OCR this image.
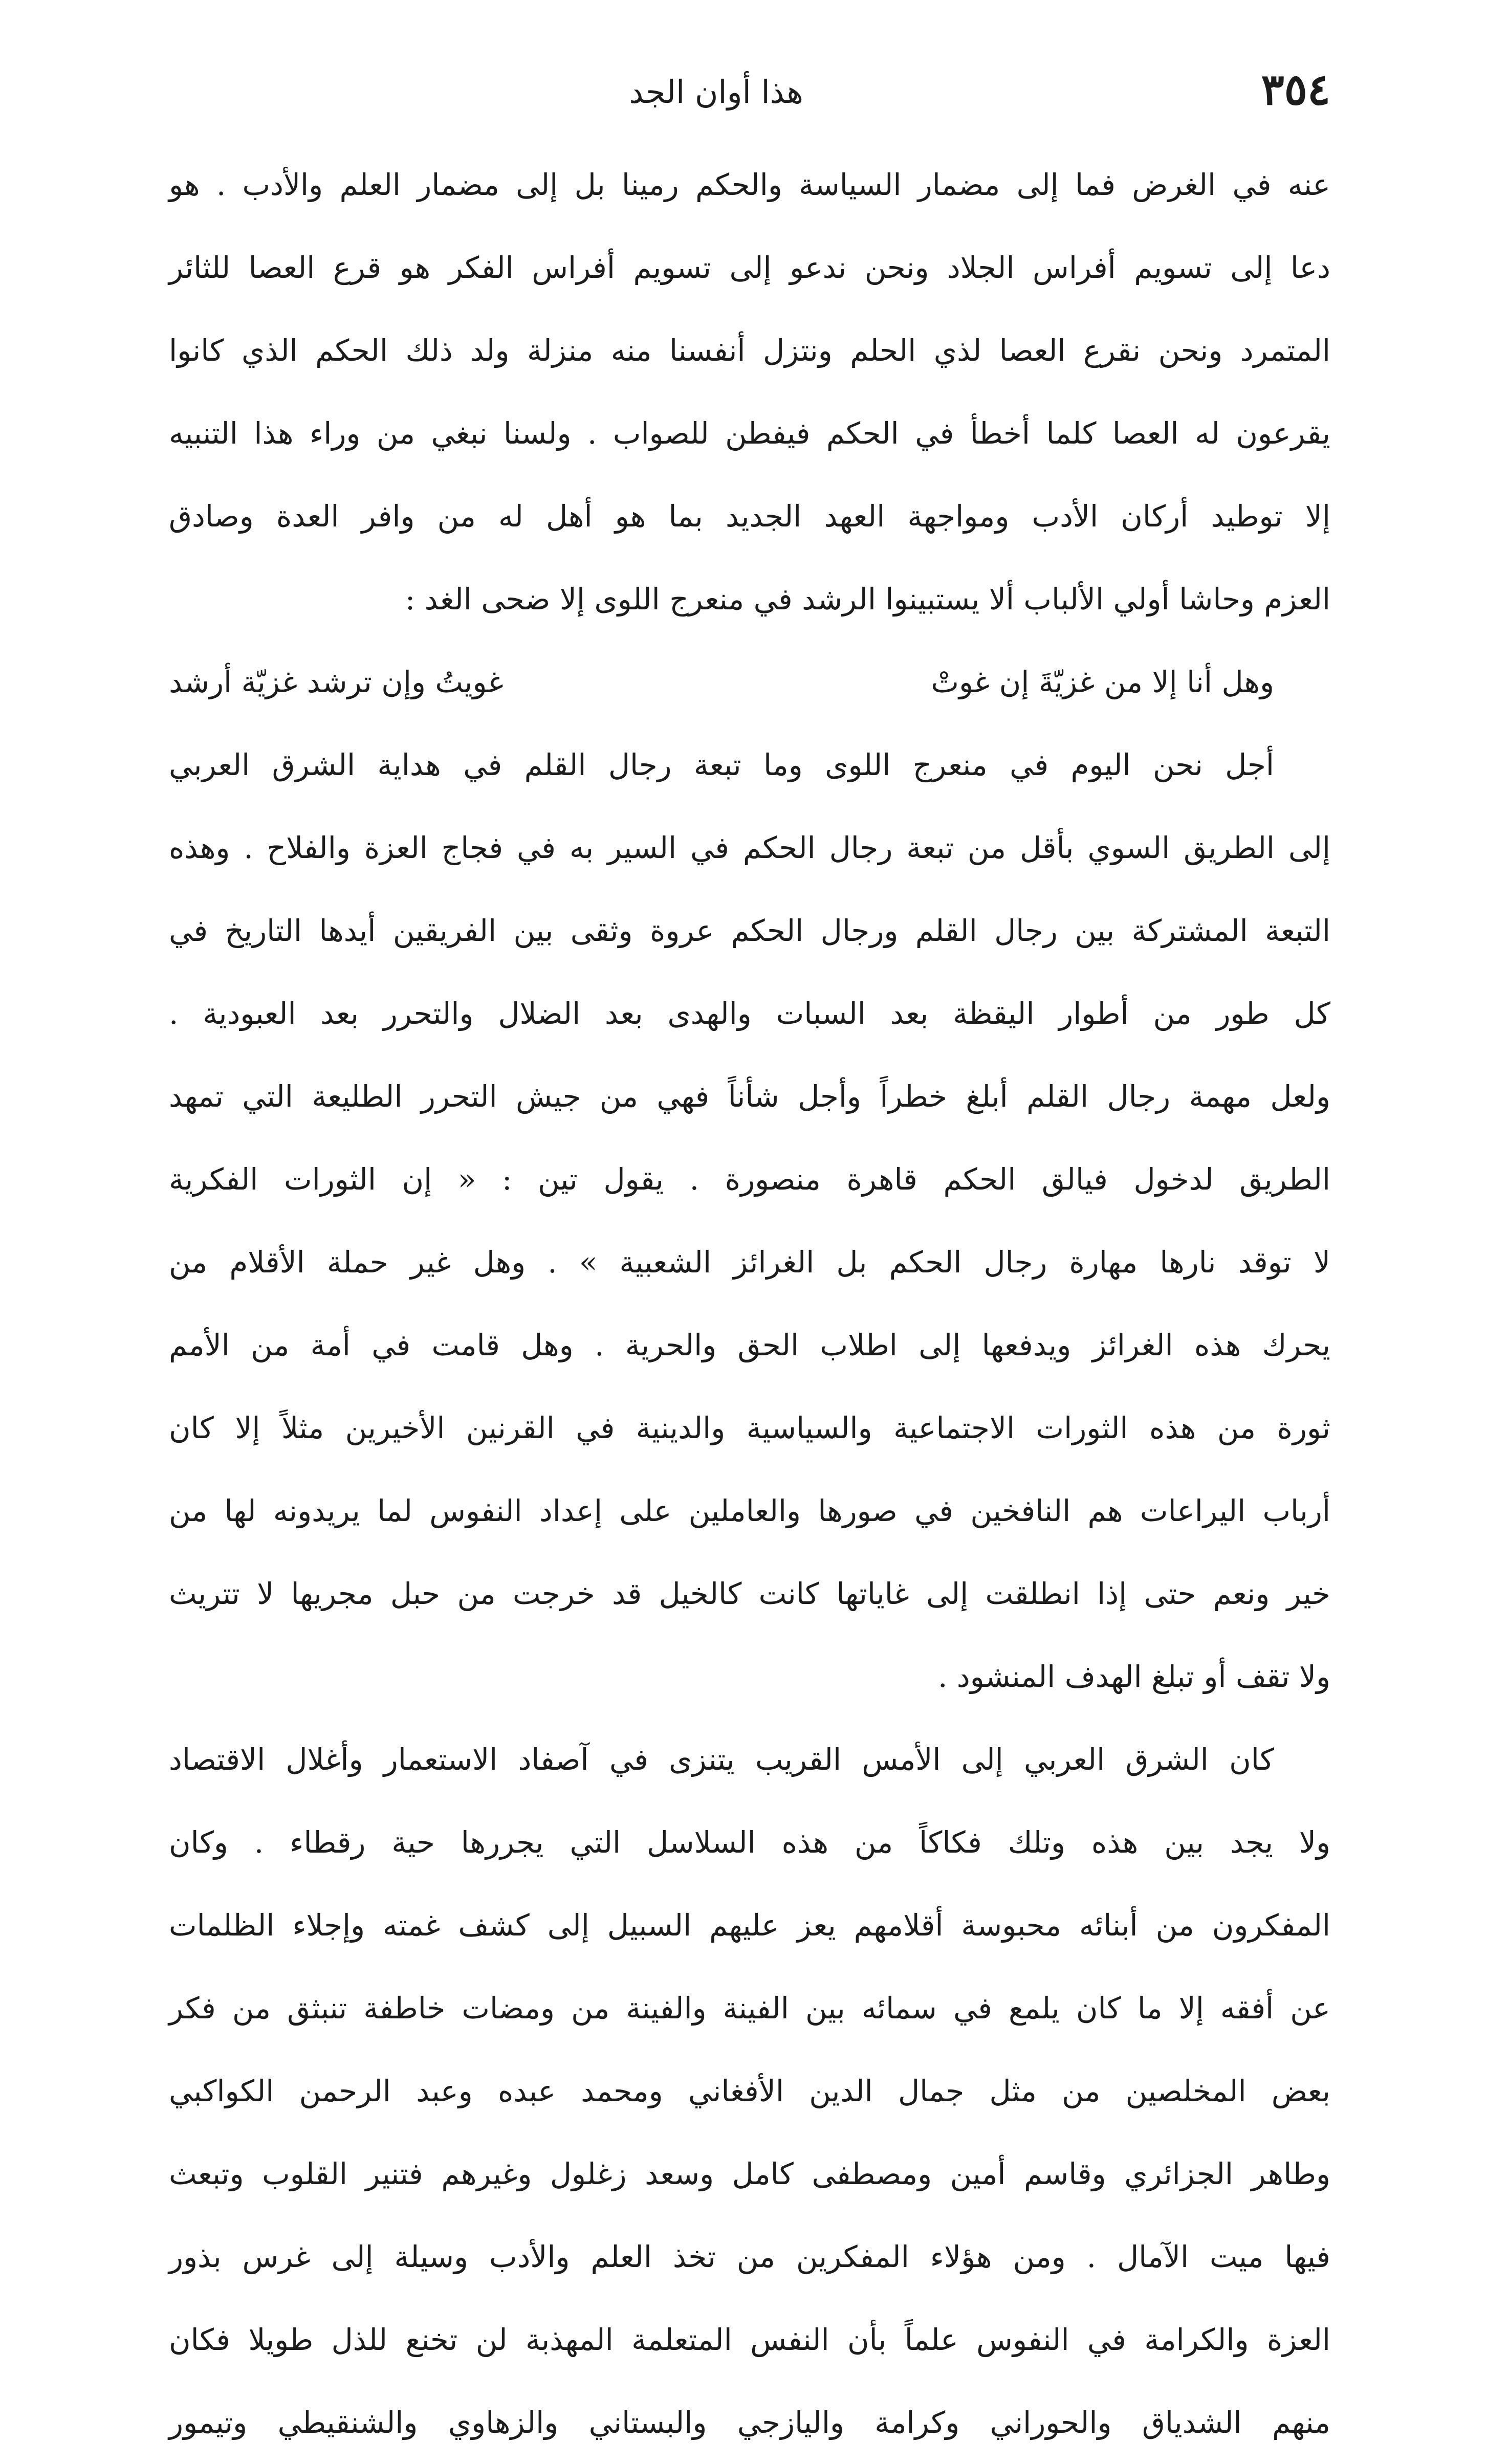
٣٥٤
هذا أوان الجد
عنه في الغرض فما إلى مضمار السياسة والحكم رمينا بل إلى مضمار العلم والأدب . هو
دعا إلى تسويم أفراس الجلاد ونحن ندعو إلى تسويم أفراس الفكر هو قرع العصا للثائر
المتمرد ونحن نقرع العصا لذي الحلم ونتزل أنفسنا منه منزلة ولد ذلك الحكم الذي كانوا
يقرعون له العصا كلما أخطأ في الحكم فيفطن للصواب . ولسنا نبغي من وراء هذا التنبيه
إلا توطيد أركان الأدب ومواجهة العهد الجديد بما هو أهل له من وافر العدة وصادق
العزم وحاشا أولي الألباب ألا يستبينوا الرشد في منعرج اللوى إلا ضحى الغد :
وهل أنا إلا من غزيّةَ إن غوتْ
غويتُ وإن ترشد غزيّة أرشد
أجل نحن اليوم في منعرج اللوى وما تبعة رجال القلم في هداية الشرق العربي
إلى الطريق السوي بأقل من تبعة رجال الحكم في السير به في فجاج العزة والفلاح . وهذه
التبعة المشتركة بين رجال القلم ورجال الحكم عروة وثقى بين الفريقين أيدها التاريخ في
كل طور من أطوار اليقظة بعد السبات والهدى بعد الضلال والتحرر بعد العبودية .
ولعل مهمة رجال القلم أبلغ خطراً وأجل شأناً فهي من جيش التحرر الطليعة التي تمهد
الطريق لدخول فيالق الحكم قاهرة منصورة . يقول تين : « إن الثورات الفكرية
لا توقد نارها مهارة رجال الحكم بل الغرائز الشعبية » . وهل غير حملة الأقلام من
يحرك هذه الغرائز ويدفعها إلى اطلاب الحق والحرية . وهل قامت في أمة من الأمم
ثورة من هذه الثورات الاجتماعية والسياسية والدينية في القرنين الأخيرين مثلاً إلا كان
أرباب اليراعات هم النافخين في صورها والعاملين على إعداد النفوس لما يريدونه لها من
خير ونعم حتى إذا انطلقت إلى غاياتها كانت كالخيل قد خرجت من حبل مجريها لا تتريث
ولا تقف أو تبلغ الهدف المنشود .
كان الشرق العربي إلى الأمس القريب يتنزى في آصفاد الاستعمار وأغلال الاقتصاد
ولا يجد بين هذه وتلك فكاكاً من هذه السلاسل التي يجررها حية رقطاء . وكان
المفكرون من أبنائه محبوسة أقلامهم يعز عليهم السبيل إلى كشف غمته وإجلاء الظلمات
عن أفقه إلا ما كان يلمع في سمائه بين الفينة والفينة من ومضات خاطفة تنبثق من فكر
بعض المخلصين من مثل جمال الدين الأفغاني ومحمد عبده وعبد الرحمن الكواكبي
وطاهر الجزائري وقاسم أمين ومصطفى كامل وسعد زغلول وغيرهم فتنير القلوب وتبعث
فيها ميت الآمال . ومن هؤلاء المفكرين من تخذ العلم والأدب وسيلة إلى غرس بذور
العزة والكرامة في النفوس علماً بأن النفس المتعلمة المهذبة لن تخنع للذل طويلا فكان
منهم الشدياق والحوراني وكرامة واليازجي والبستاني والزهاوي والشنقيطي وتيمور
